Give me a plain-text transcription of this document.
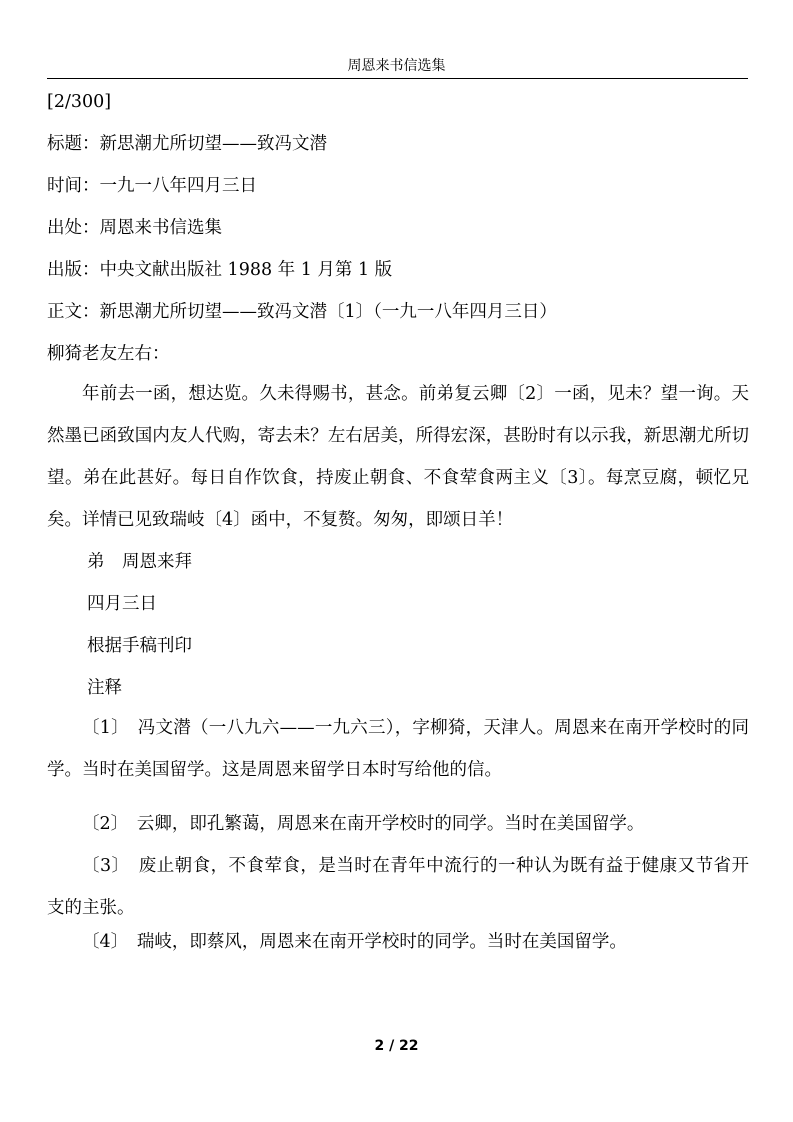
周恩来书信选集
[2/300]
标题：新思潮尤所切望——致冯文潜
时间：一九一八年四月三日
出处：周恩来书信选集
出版：中央文献出版社 1988 年 1 月第 1 版
正文：新思潮尤所切望——致冯文潜〔1〕（一九一八年四月三日）
柳猗老友左右：
年前去一函，想达览。久未得赐书，甚念。前弟复云卿〔2〕一函，见未？望一询。天然墨已函致国内友人代购，寄去未？左右居美，所得宏深，甚盼时有以示我，新思潮尤所切望。弟在此甚好。每日自作饮食，持废止朝食、不食荤食两主义〔3〕。每烹豆腐，顿忆兄矣。详情已见致瑞岐〔4〕函中，不复赘。匆匆，即颂日羊！
弟　周恩来拜
四月三日
根据手稿刊印
注释
〔1〕　冯文潜（一八九六——一九六三），字柳猗，天津人。周恩来在南开学校时的同学。当时在美国留学。这是周恩来留学日本时写给他的信。
〔2〕　云卿，即孔繁蔼，周恩来在南开学校时的同学。当时在美国留学。
〔3〕　废止朝食，不食荤食，是当时在青年中流行的一种认为既有益于健康又节省开支的主张。
〔4〕　瑞岐，即蔡风，周恩来在南开学校时的同学。当时在美国留学。
2 / 22
